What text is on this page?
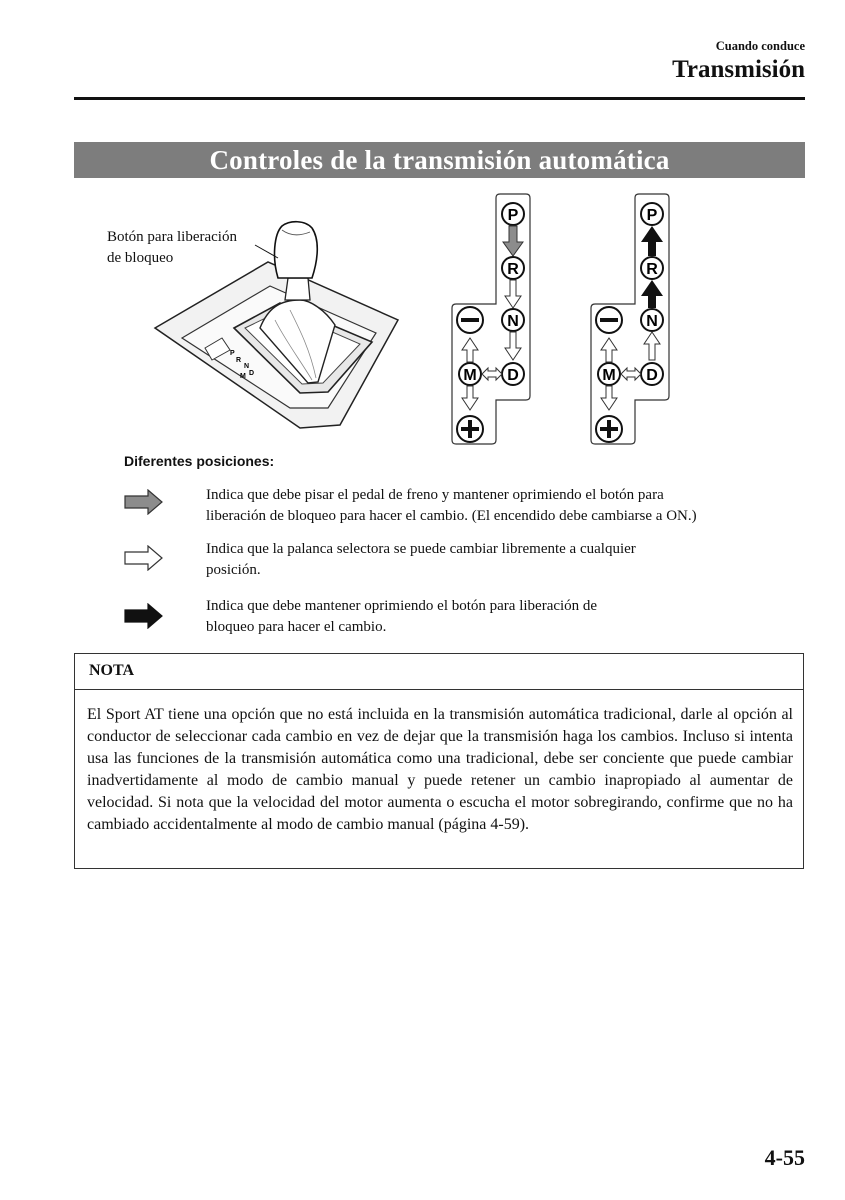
Cuando conduce
Transmisión
Controles de la transmisión automática
Botón para liberación
de bloqueo
P
R
N
D
M
P
R
N
D
M
P
R
N
D
M
Diferentes posiciones:
Indica que debe pisar el pedal de freno y mantener oprimiendo el botón para
liberación de bloqueo para hacer el cambio. (El encendido debe cambiarse a ON.)
Indica que la palanca selectora se puede cambiar libremente a cualquier
posición.
Indica que debe mantener oprimiendo el botón para liberación de
bloqueo para hacer el cambio.
NOTA
El Sport AT tiene una opción que no está incluida en la transmisión automática tradicional, darle al opción al conductor de seleccionar cada cambio en vez de dejar que la transmisión haga los cambios. Incluso si intenta usa las funciones de la transmisión automática como una tradicional, debe ser conciente que puede cambiar inadvertidamente al modo de cambio manual y puede retener un cambio inapropiado al aumentar de velocidad. Si nota que la velocidad del motor aumenta o escucha el motor sobregirando, confirme que no ha cambiado accidentalmente al modo de cambio manual (página 4-59).
4-55
